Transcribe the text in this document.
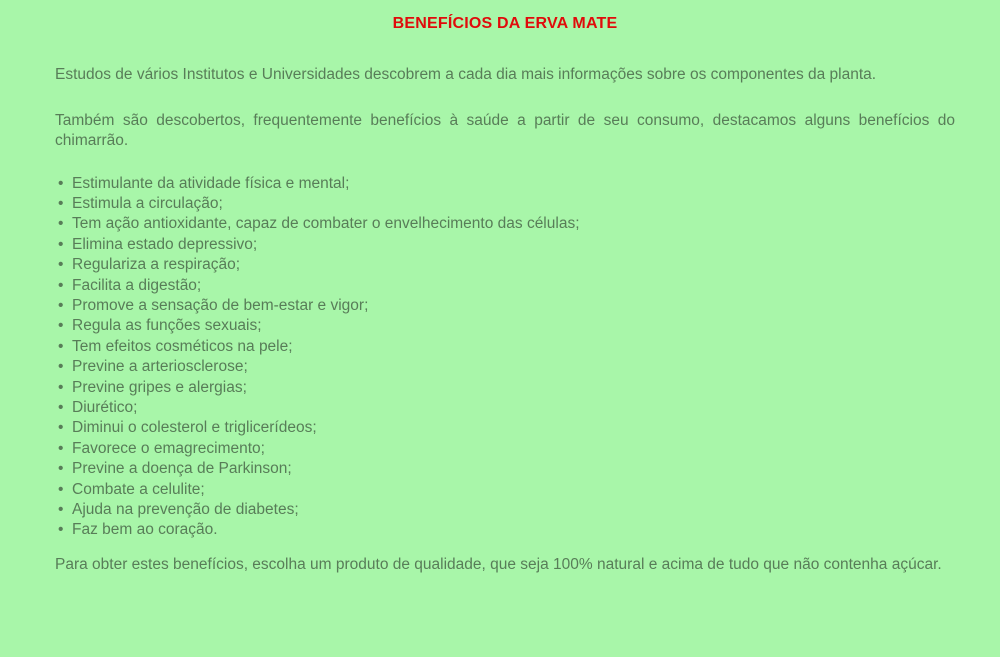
BENEFÍCIOS DA ERVA MATE
Estudos de vários Institutos e Universidades descobrem a cada dia mais informações sobre os componentes da planta.
Também são descobertos, frequentemente benefícios à saúde a partir de seu consumo, destacamos alguns benefícios do chimarrão.
• Estimulante da atividade física e mental;
• Estimula a circulação;
• Tem ação antioxidante, capaz de combater o envelhecimento das células;
• Elimina estado depressivo;
• Regulariza a respiração;
• Facilita a digestão;
• Promove a sensação de bem-estar e vigor;
• Regula as funções sexuais;
• Tem efeitos cosméticos na pele;
• Previne a arteriosclerose;
• Previne gripes e alergias;
• Diurético;
• Diminui o colesterol e triglicerídeos;
• Favorece o emagrecimento;
• Previne a doença de Parkinson;
• Combate a celulite;
• Ajuda na prevenção de diabetes;
• Faz bem ao coração.
Para obter estes benefícios, escolha um produto de qualidade, que seja 100% natural e acima de tudo que não contenha açúcar.
